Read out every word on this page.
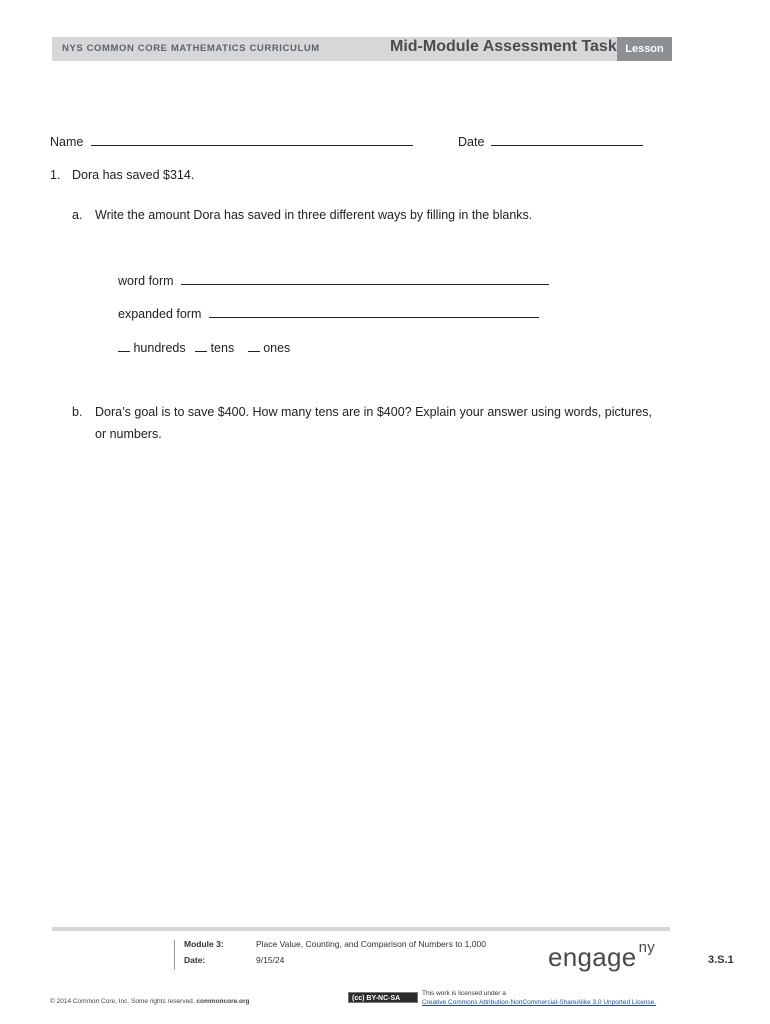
NYS COMMON CORE MATHEMATICS CURRICULUM	Mid-Module Assessment Task Lesson
Name	Date
1. Dora has saved $314.
a. Write the amount Dora has saved in three different ways by filling in the blanks.
word form
expanded form
hundreds tens ones
b. Dora’s goal is to save $400. How many tens are in $400? Explain your answer using words, pictures,
or numbers.
Module 3:	Place Value, Counting, and Comparison of Numbers to 1,000
Date:	9/15/24	engage $^{ny}$
3.S.1
© 2014 Common Core, Inc. Some rights reserved. commoncore.org	(cc) BY-NC-SA
This work is licensed under a
Creative Commons Attribution-NonCommercial-ShareAlike 3.0 Unported License.
